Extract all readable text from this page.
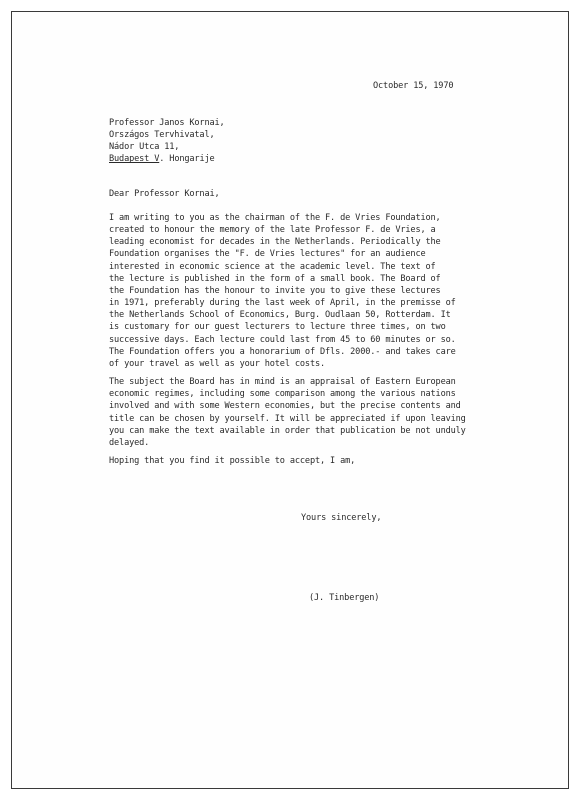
October 15, 1970
Professor Janos Kornai,
Országos Tervhivatal,
Nádor Utca 11,
Budapest V. Hongarije
Dear Professor Kornai,
I am writing to you as the chairman of the F. de Vries Foundation,
created to honour the memory of the late Professor F. de Vries, a
leading economist for decades in the Netherlands. Periodically the
Foundation organises the "F. de Vries lectures" for an audience
interested in economic science at the academic level. The text of
the lecture is published in the form of a small book. The Board of
the Foundation has the honour to invite you to give these lectures
in 1971, preferably during the last week of April, in the premisse of
the Netherlands School of Economics, Burg. Oudlaan 50, Rotterdam. It
is customary for our guest lecturers to lecture three times, on two
successive days. Each lecture could last from 45 to 60 minutes or so.
The Foundation offers you a honorarium of Dfls. 2000.- and takes care
of your travel as well as your hotel costs.
The subject the Board has in mind is an appraisal of Eastern European
economic regimes, including some comparison among the various nations
involved and with some Western economies, but the precise contents and
title can be chosen by yourself. It will be appreciated if upon leaving
you can make the text available in order that publication be not unduly
delayed.
Hoping that you find it possible to accept, I am,
Yours sincerely,
(J. Tinbergen)
